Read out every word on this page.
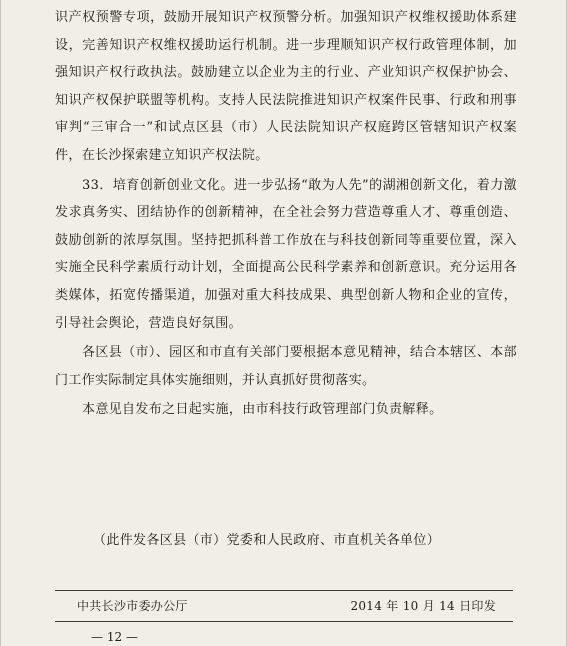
识产权预警专项，鼓励开展知识产权预警分析。加强知识产权维权援助体系建设，完善知识产权维权援助运行机制。进一步理顺知识产权行政管理体制，加强知识产权行政执法。鼓励建立以企业为主的行业、产业知识产权保护协会、知识产权保护联盟等机构。支持人民法院推进知识产权案件民事、行政和刑事审判“三审合一”和试点区县（市）人民法院知识产权庭跨区管辖知识产权案件，在长沙探索建立知识产权法院。

33．培育创新创业文化。进一步弘扬“敢为人先”的湖湘创新文化，着力激发求真务实、团结协作的创新精神，在全社会努力营造尊重人才、尊重创造、鼓励创新的浓厚氛围。坚持把抓科普工作放在与科技创新同等重要位置，深入实施全民科学素质行动计划，全面提高公民科学素养和创新意识。充分运用各类媒体，拓宽传播渠道，加强对重大科技成果、典型创新人物和企业的宣传，引导社会舆论，营造良好氛围。

各区县（市）、园区和市直有关部门要根据本意见精神，结合本辖区、本部门工作实际制定具体实施细则，并认真抓好贯彻落实。

本意见自发布之日起实施，由市科技行政管理部门负责解释。

（此件发各区县（市）党委和人民政府、市直机关各单位）
中共长沙市委办公厅	2014 年 10 月 14 日印发
— 12 —
